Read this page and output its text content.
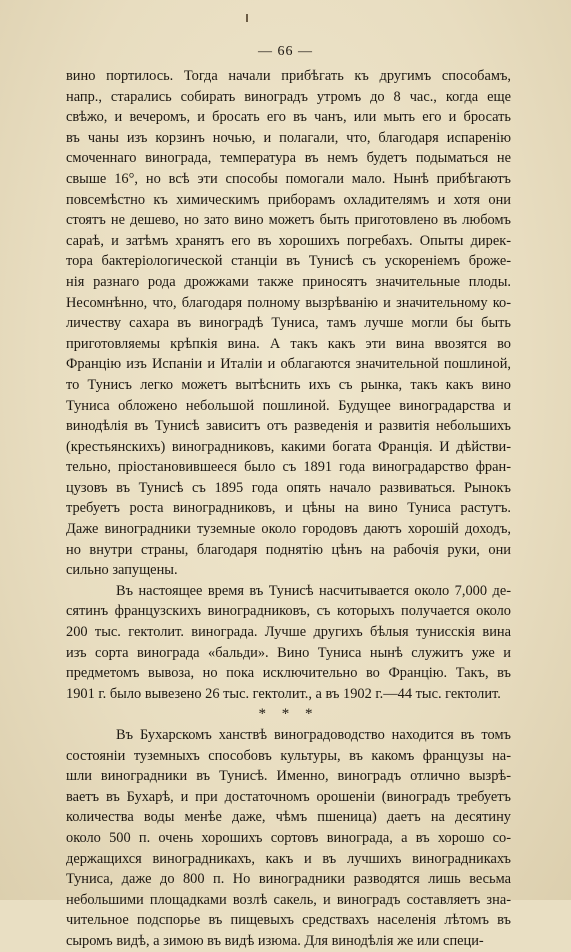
— 66 —
вино портилось. Тогда начали прибѣгать къ другимъ способамъ,
напр., старались собирать виноградъ утромъ до 8 час., когда еще
свѣжо, и вечеромъ, и бросать его въ чанъ, или мыть его и бросать
въ чаны изъ корзинъ ночью, и полагали, что, благодаря испаренію
смоченнаго винограда, температура въ немъ будетъ подыматься не
свыше 16°, но всѣ эти способы помогали мало. Нынѣ прибѣгаютъ
повсемѣстно къ химическимъ приборамъ охладителямъ и хотя они
стоятъ не дешево, но зато вино можетъ быть приготовлено въ любомъ
сараѣ, и затѣмъ хранятъ его въ хорошихъ погребахъ. Опыты дирек-
тора бактеріологической станціи въ Тунисѣ съ ускореніемъ броже-
нія разнаго рода дрожжами также приносятъ значительные плоды.
Несомнѣнно, что, благодаря полному вызрѣванію и значительному ко-
личеству сахара въ виноградѣ Туниса, тамъ лучше могли бы быть
приготовляемы крѣпкія вина. А такъ какъ эти вина ввозятся во
Францію изъ Испаніи и Италіи и облагаются значительной пошлиной,
то Тунисъ легко можетъ вытѣснить ихъ съ рынка, такъ какъ вино
Туниса обложено небольшой пошлиной. Будущее виноградарства и
винодѣлія въ Тунисѣ зависитъ отъ разведенія и развитія небольшихъ
(крестьянскихъ) виноградниковъ, какими богата Франція. И дѣйстви-
тельно, пріостановившееся было съ 1891 года виноградарство фран-
цузовъ въ Тунисѣ съ 1895 года опять начало развиваться. Рынокъ
требуетъ роста виноградниковъ, и цѣны на вино Туниса растутъ.
Даже виноградники туземные около городовъ даютъ хорошій доходъ,
но внутри страны, благодаря поднятію цѣнъ на рабочія руки, они
сильно запущены.
Въ настоящее время въ Тунисѣ насчитывается около 7,000 де-
сятинъ французскихъ виноградниковъ, съ которыхъ получается около
200 тыс. гектолит. винограда. Лучше другихъ бѣлыя тунисскія вина
изъ сорта винограда «бальди». Вино Туниса нынѣ служитъ уже и
предметомъ вывоза, но пока исключительно во Францію. Такъ, въ
1901 г. было вывезено 26 тыс. гектолит., а въ 1902 г.—44 тыс. гектолит.
* * *
Въ Бухарскомъ ханствѣ виноградоводство находится въ томъ
состояніи туземныхъ способовъ культуры, въ какомъ французы на-
шли виноградники въ Тунисѣ. Именно, виноградъ отлично вызрѣ-
ваетъ въ Бухарѣ, и при достаточномъ орошеніи (виноградъ требуетъ
количества воды менѣе даже, чѣмъ пшеница) даетъ на десятину
около 500 п. очень хорошихъ сортовъ винограда, а въ хорошо со-
держащихся виноградникахъ, какъ и въ лучшихъ виноградникахъ
Туниса, даже до 800 п. Но виноградники разводятся лишь весьма
небольшими площадками возлѣ сакель, и виноградъ составляетъ зна-
чительное подспорье въ пищевыхъ средствахъ населенія лѣтомъ въ
сыромъ видѣ, а зимою въ видѣ изюма. Для винодѣлія же или специ-
